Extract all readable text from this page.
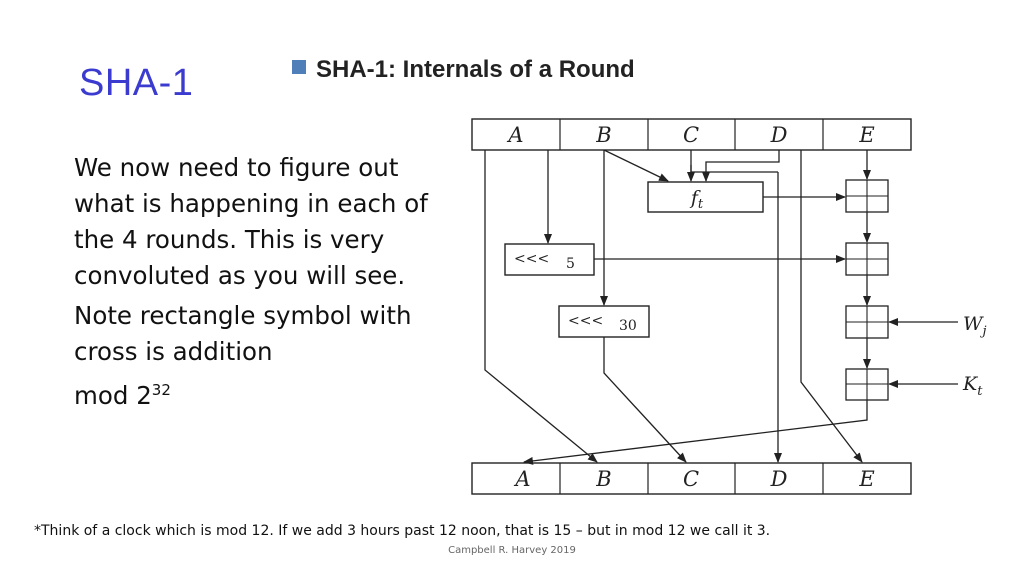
SHA-1

We now need to figure out what is happening in each of the 4 rounds. This is very convoluted as you will see.

Note rectangle symbol with cross is addition
mod $2^{32}$

SHA-1: Internals of a Round
A	B	C	D	E
A	B	C	D	E
$f_t$
<<< 5
<<< 30	$W_j$
$K_t$
*Think of a clock which is mod 12. If we add 3 hours past 12 noon, that is 15 – but in mod 12 we call it 3.
Campbell R. Harvey 2019
